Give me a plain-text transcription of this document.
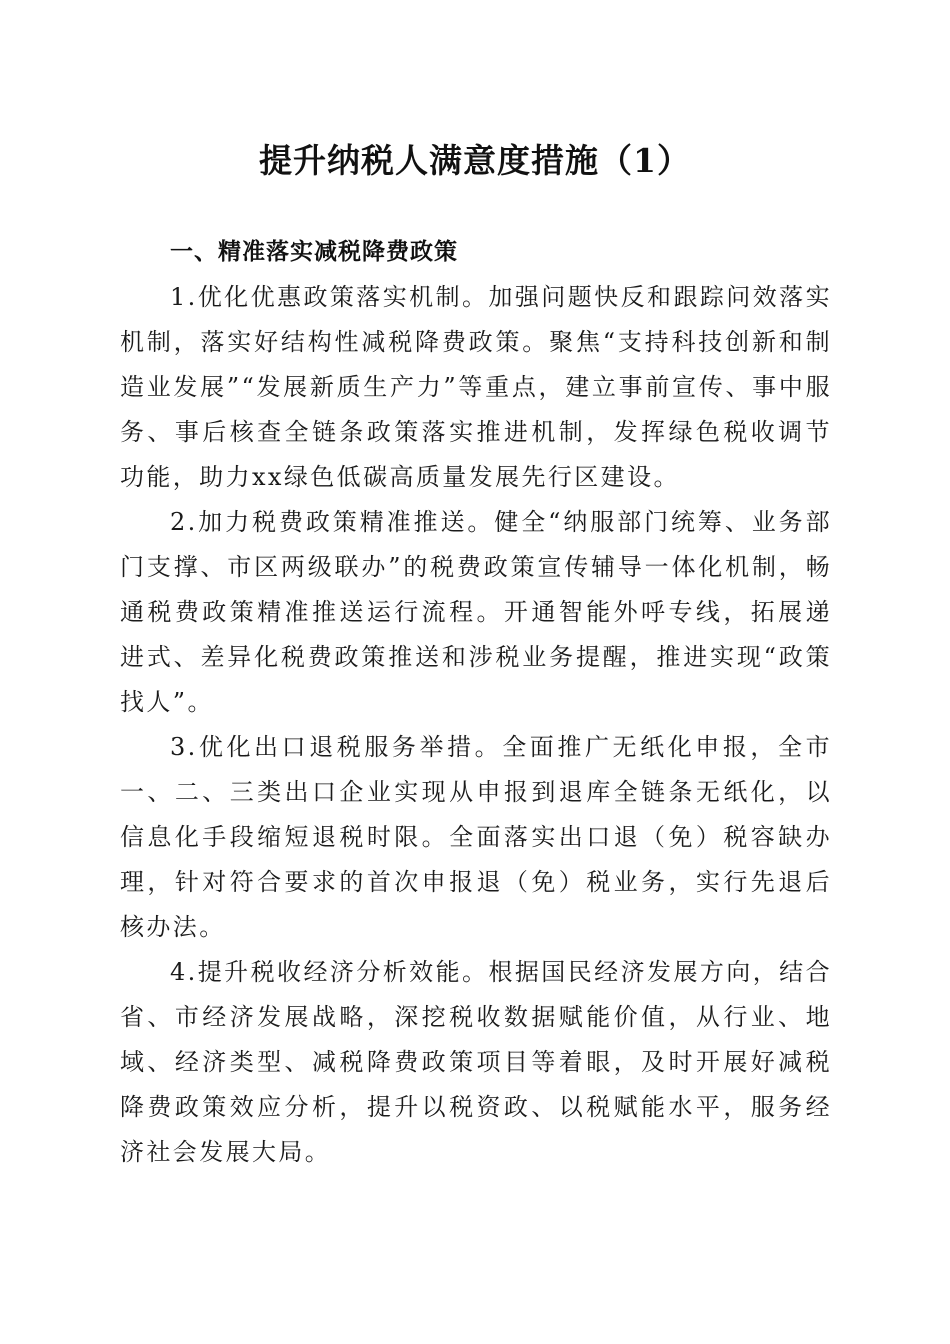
提升纳税人满意度措施（1）
一、精准落实减税降费政策

1.优化优惠政策落实机制。加强问题快反和跟踪问效落实机制，落实好结构性减税降费政策。聚焦“支持科技创新和制造业发展”“发展新质生产力”等重点，建立事前宣传、事中服务、事后核查全链条政策落实推进机制，发挥绿色税收调节功能，助力xx绿色低碳高质量发展先行区建设。

2.加力税费政策精准推送。健全“纳服部门统筹、业务部门支撑、市区两级联办”的税费政策宣传辅导一体化机制，畅通税费政策精准推送运行流程。开通智能外呼专线，拓展递进式、差异化税费政策推送和涉税业务提醒，推进实现“政策找人”。

3.优化出口退税服务举措。全面推广无纸化申报，全市一、二、三类出口企业实现从申报到退库全链条无纸化，以信息化手段缩短退税时限。全面落实出口退（免）税容缺办理，针对符合要求的首次申报退（免）税业务，实行先退后核办法。

4.提升税收经济分析效能。根据国民经济发展方向，结合省、市经济发展战略，深挖税收数据赋能价值，从行业、地域、经济类型、减税降费政策项目等着眼，及时开展好减税降费政策效应分析，提升以税资政、以税赋能水平，服务经济社会发展大局。
